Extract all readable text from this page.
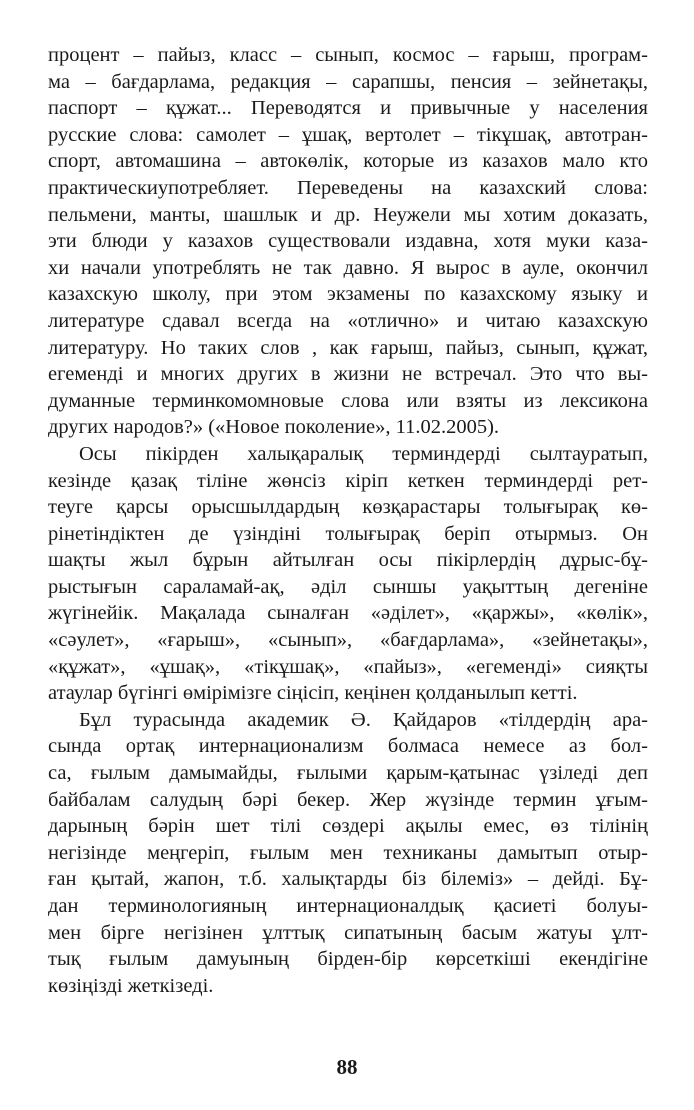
процент – пайыз, класс – сынып, космос – ғарыш, програм-
ма – бағдарлама, редакция – сарапшы, пенсия – зейнетақы,
паспорт – құжат... Переводятся и привычные у населения
русские слова: самолет – ұшақ, вертолет – тікұшақ, автотран-
спорт, автомашина – автокөлік, которые из казахов мало кто
практическиупотребляет. Переведены на казахский слова:
пельмени, манты, шашлык и др. Неужели мы хотим доказать,
эти блюди у казахов существовали издавна, хотя муки каза-
хи начали употреблять не так давно. Я вырос в ауле, окончил
казахскую школу, при этом экзамены по казахскому языку и
литературе сдавал всегда на «отлично» и читаю казахскую
литературу. Но таких слов , как ғарыш, пайыз, сынып, құжат,
егеменді и многих других в жизни не встречал. Это что вы-
думанные терминкомомновые слова или взяты из лексикона
других народов?» («Новое поколение», 11.02.2005).
Осы пікірден халықаралық терминдерді сылтауратып,
кезінде қазақ тіліне жөнсіз кіріп кеткен терминдерді рет-
теуге қарсы орысшылдардың көзқарастары толығырақ кө-
рінетіндіктен де үзіндіні толығырақ беріп отырмыз. Он
шақты жыл бұрын айтылған осы пікірлердің дұрыс-бұ-
рыстығын сараламай-ақ, әділ сыншы уақыттың дегеніне
жүгінейік. Мақалада сыналған «әділет», «қаржы», «көлік»,
«сәулет», «ғарыш», «сынып», «бағдарлама», «зейнетақы»,
«құжат», «ұшақ», «тікұшақ», «пайыз», «егеменді» сияқты
атаулар бүгінгі өмірімізге сіңісіп, кеңінен қолданылып кетті.
Бұл турасында академик Ә. Қайдаров «тілдердің ара-
сында ортақ интернационализм болмаса немесе аз бол-
са, ғылым дамымайды, ғылыми қарым-қатынас үзіледі деп
байбалам салудың бәрі бекер. Жер жүзінде термин ұғым-
дарының бәрін шет тілі сөздері ақылы емес, өз тілінің
негізінде меңгеріп, ғылым мен техниканы дамытып отыр-
ған қытай, жапон, т.б. халықтарды біз білеміз» – дейді. Бұ-
дан терминологияның интернационалдық қасиеті болуы-
мен бірге негізінен ұлттық сипатының басым жатуы ұлт-
тық ғылым дамуының бірден-бір көрсеткіші екендігіне
көзіңізді жеткізеді.
88
